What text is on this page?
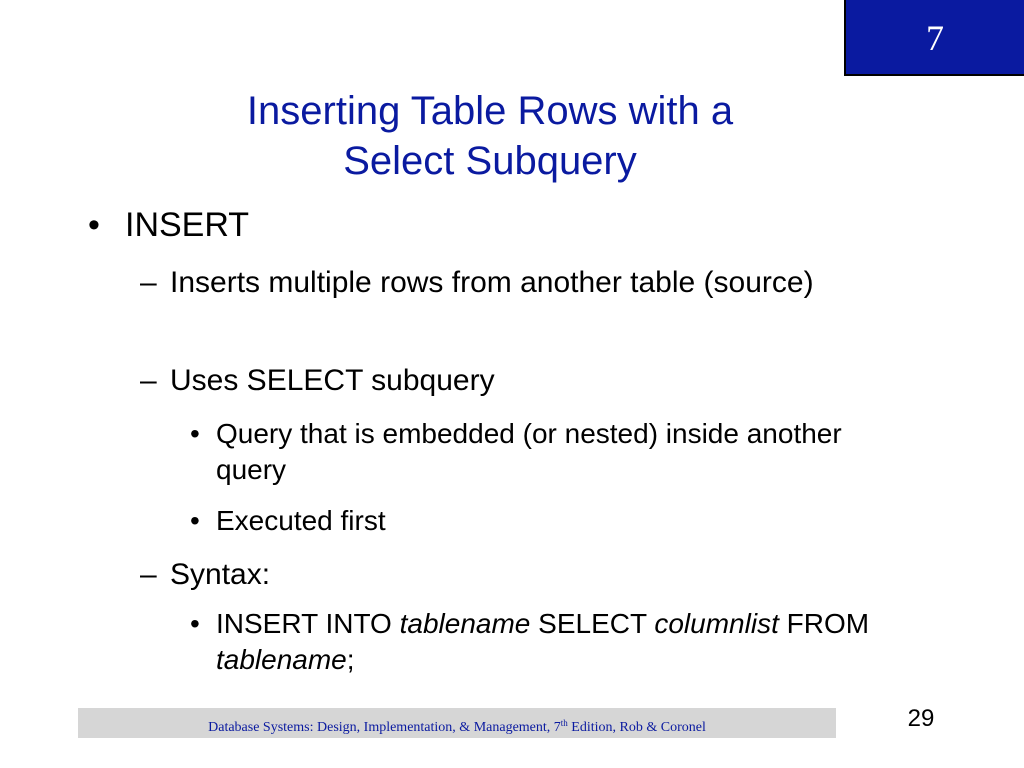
7
Inserting Table Rows with a
Select Subquery
• INSERT
– Inserts multiple rows from another table (source)
– Uses SELECT subquery
• Query that is embedded (or nested) inside another query
• Executed first
– Syntax:
• INSERT INTO tablename SELECT columnlist FROM tablename;
Database Systems: Design, Implementation, & Management, 7th Edition, Rob & Coronel	29
